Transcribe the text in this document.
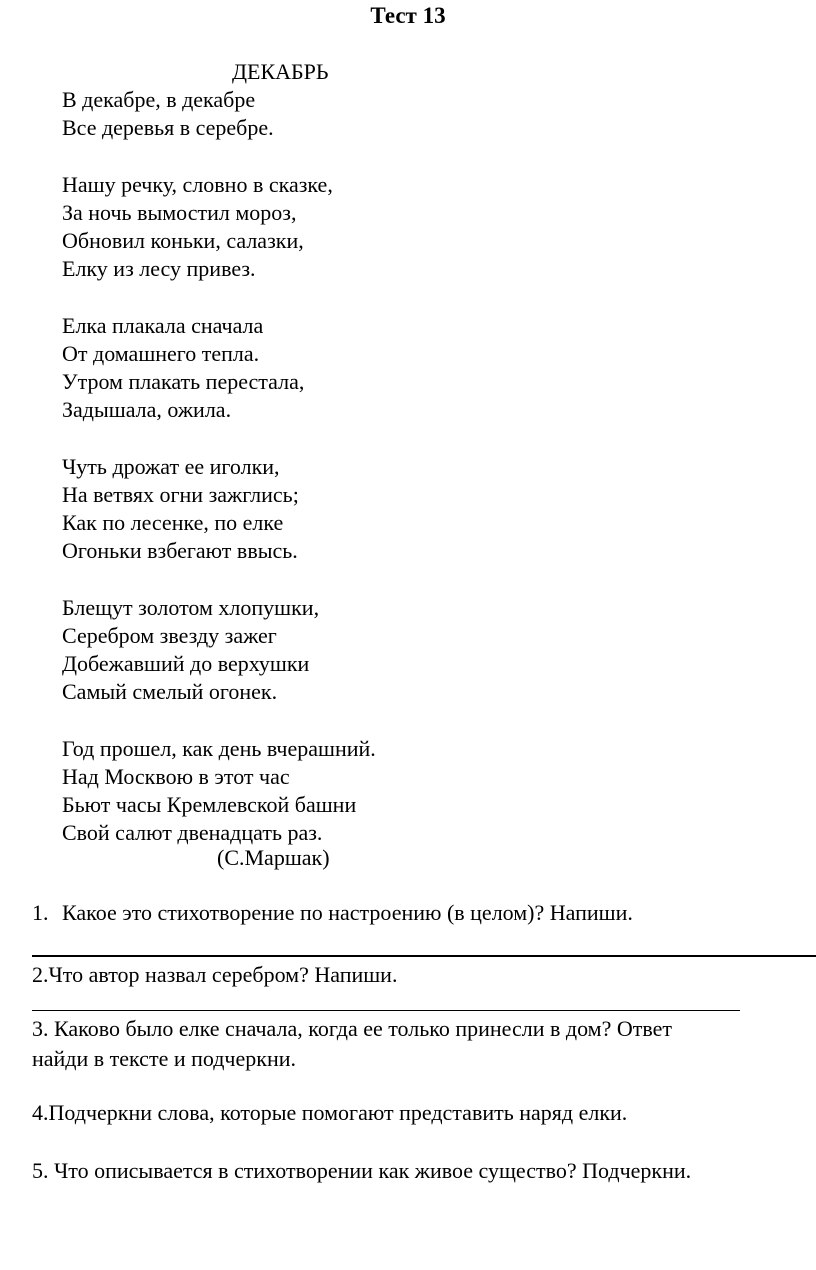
Тест 13
ДЕКАБРЬ
В декабре, в декабре
Все деревья в серебре.
Нашу речку, словно в сказке,
За ночь вымостил мороз,
Обновил коньки, салазки,
Елку из лесу привез.
Елка плакала сначала
От домашнего тепла.
Утром плакать перестала,
Задышала, ожила.
Чуть дрожат ее иголки,
На ветвях огни зажглись;
Как по лесенке, по елке
Огоньки взбегают ввысь.
Блещут золотом хлопушки,
Серебром звезду зажег
Добежавший до верхушки
Самый смелый огонек.
Год прошел, как день вчерашний.
Над Москвою в этот час
Бьют часы Кремлевской башни
Свой салют двенадцать раз.
(С.Маршак)
1. Какое это стихотворение по настроению (в целом)? Напиши.
2.Что автор назвал серебром? Напиши.
3. Каково было елке сначала, когда ее только принесли в дом? Ответ
найди в тексте и подчеркни.
4.Подчеркни слова, которые помогают представить наряд елки.
5. Что описывается в стихотворении как живое существо? Подчеркни.
